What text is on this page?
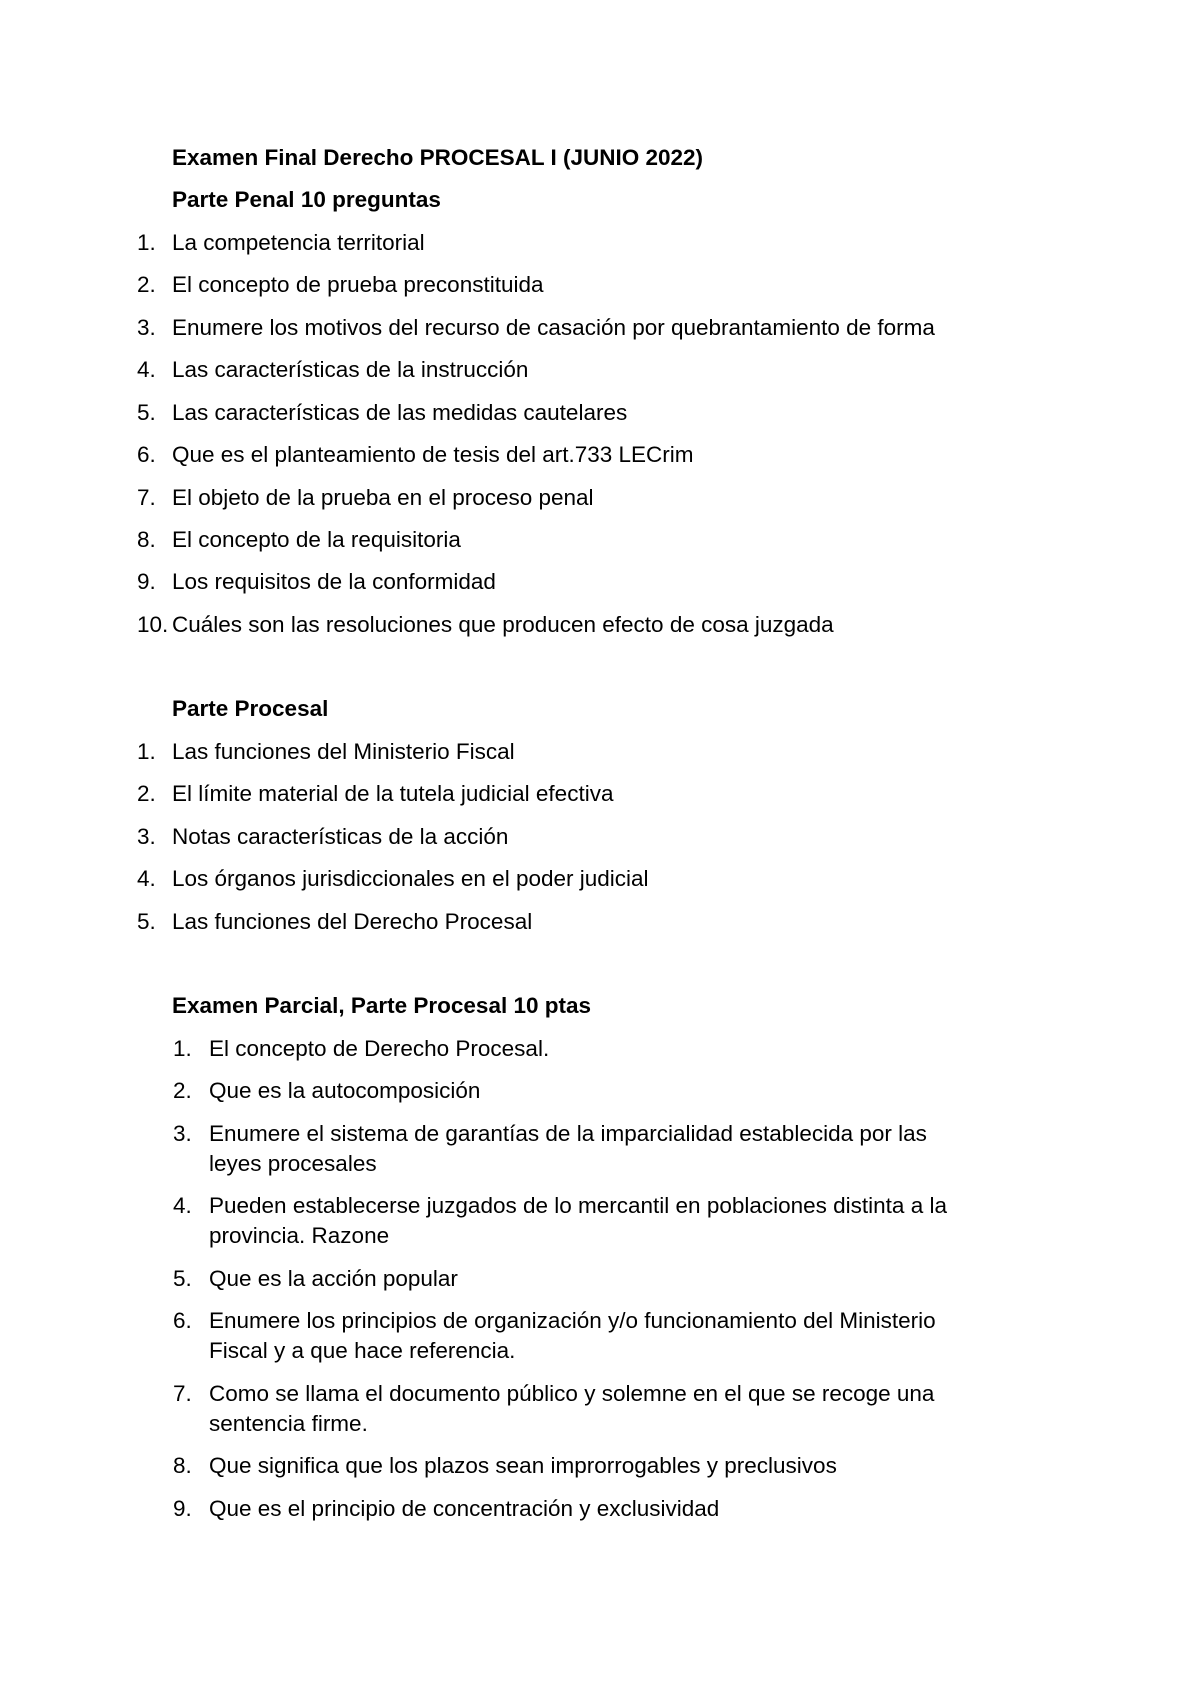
Examen Final Derecho PROCESAL I (JUNIO 2022)
Parte Penal 10 preguntas
1. La competencia territorial
2. El concepto de prueba preconstituida
3. Enumere los motivos del recurso de casación por quebrantamiento de forma
4. Las características de la instrucción
5. Las características de las medidas cautelares
6. Que es el planteamiento de tesis del art.733 LECrim
7. El objeto de la prueba en el proceso penal
8. El concepto de la requisitoria
9. Los requisitos de la conformidad
10. Cuáles son las resoluciones que producen efecto de cosa juzgada
Parte Procesal
1. Las funciones del Ministerio Fiscal
2. El límite material de la tutela judicial efectiva
3. Notas características de la acción
4. Los órganos jurisdiccionales en el poder judicial
5. Las funciones del Derecho Procesal
Examen Parcial, Parte Procesal 10 ptas
1. El concepto de Derecho Procesal.
2. Que es la autocomposición
3. Enumere el sistema de garantías de la imparcialidad establecida por las
leyes procesales
4. Pueden establecerse juzgados de lo mercantil en poblaciones distinta a la
provincia. Razone
5. Que es la acción popular
6. Enumere los principios de organización y/o funcionamiento del Ministerio
Fiscal y a que hace referencia.
7. Como se llama el documento público y solemne en el que se recoge una
sentencia firme.
8. Que significa que los plazos sean improrrogables y preclusivos
9. Que es el principio de concentración y exclusividad
